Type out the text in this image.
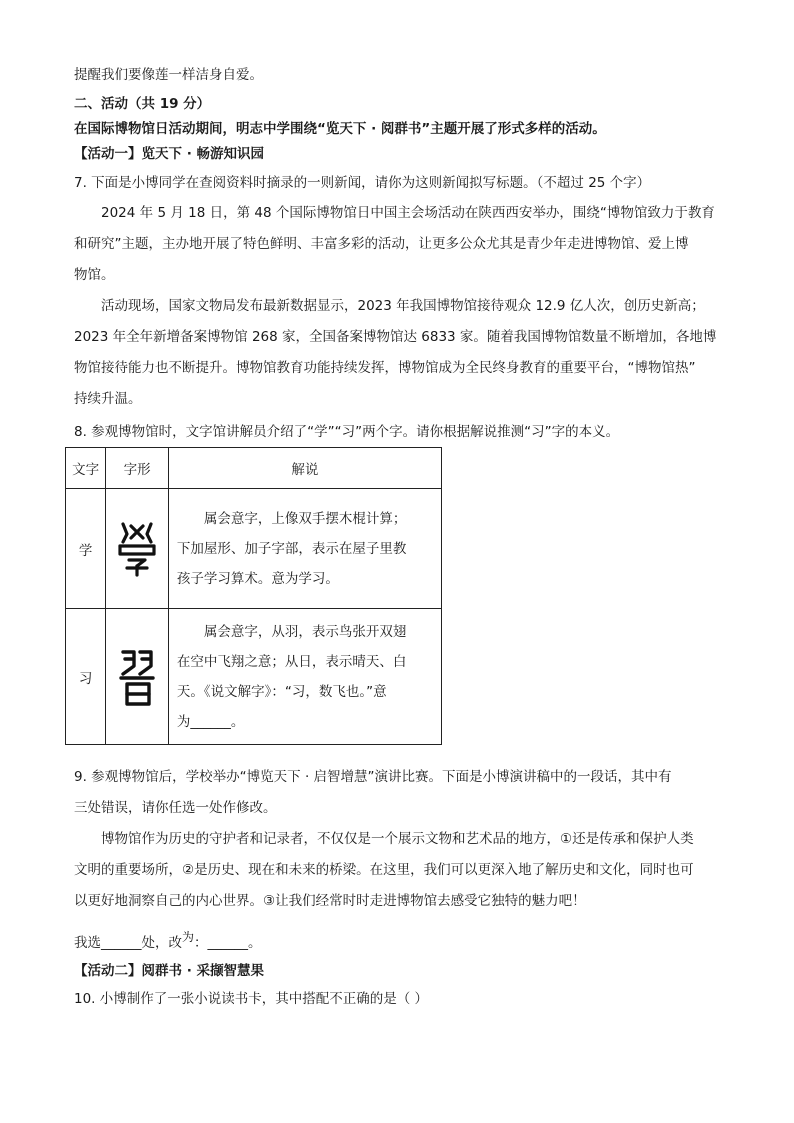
提醒我们要像莲一样洁身自爱。
二、活动（共 19 分）
在国际博物馆日活动期间，明志中学围绕“览天下 · 阅群书”主题开展了形式多样的活动。
【活动一】览天下 · 畅游知识园
7. 下面是小博同学在查阅资料时摘录的一则新闻，请你为这则新闻拟写标题。（不超过 25 个字）
2024 年 5 月 18 日，第 48 个国际博物馆日中国主会场活动在陕西西安举办，围绕“博物馆致力于教育
和研究”主题，主办地开展了特色鲜明、丰富多彩的活动，让更多公众尤其是青少年走进博物馆、爱上博
物馆。
活动现场，国家文物局发布最新数据显示，2023 年我国博物馆接待观众 12.9 亿人次，创历史新高；
2023 年全年新增备案博物馆 268 家，全国备案博物馆达 6833 家。随着我国博物馆数量不断增加，各地博
物馆接待能力也不断提升。博物馆教育功能持续发挥，博物馆成为全民终身教育的重要平台，“博物馆热”
持续升温。
8. 参观博物馆时，文字馆讲解员介绍了“学”“习”两个字。请你根据解说推测“习”字的本义。
文字	字形	解说
学		属会意字，上像双手摆木棍计算；
下加屋形、加子字部，表示在屋子里教
孩子学习算术。意为学习。

习		属会意字，从羽，表示鸟张开双翅
在空中飞翔之意；从日，表示晴天、白
天。《说文解字》：“习，数飞也。”意
为______。
9. 参观博物馆后，学校举办“博览天下 · 启智增慧”演讲比赛。下面是小博演讲稿中的一段话，其中有
三处错误，请你任选一处作修改。
博物馆作为历史的守护者和记录者，不仅仅是一个展示文物和艺术品的地方，①还是传承和保护人类
文明的重要场所，②是历史、现在和未来的桥梁。在这里，我们可以更深入地了解历史和文化，同时也可
以更好地洞察自己的内心世界。③让我们经常时时走进博物馆去感受它独特的魅力吧！
我选______处，改为：______。
【活动二】阅群书 · 采撷智慧果
10. 小博制作了一张小说读书卡，其中搭配不正确的是（ ）
